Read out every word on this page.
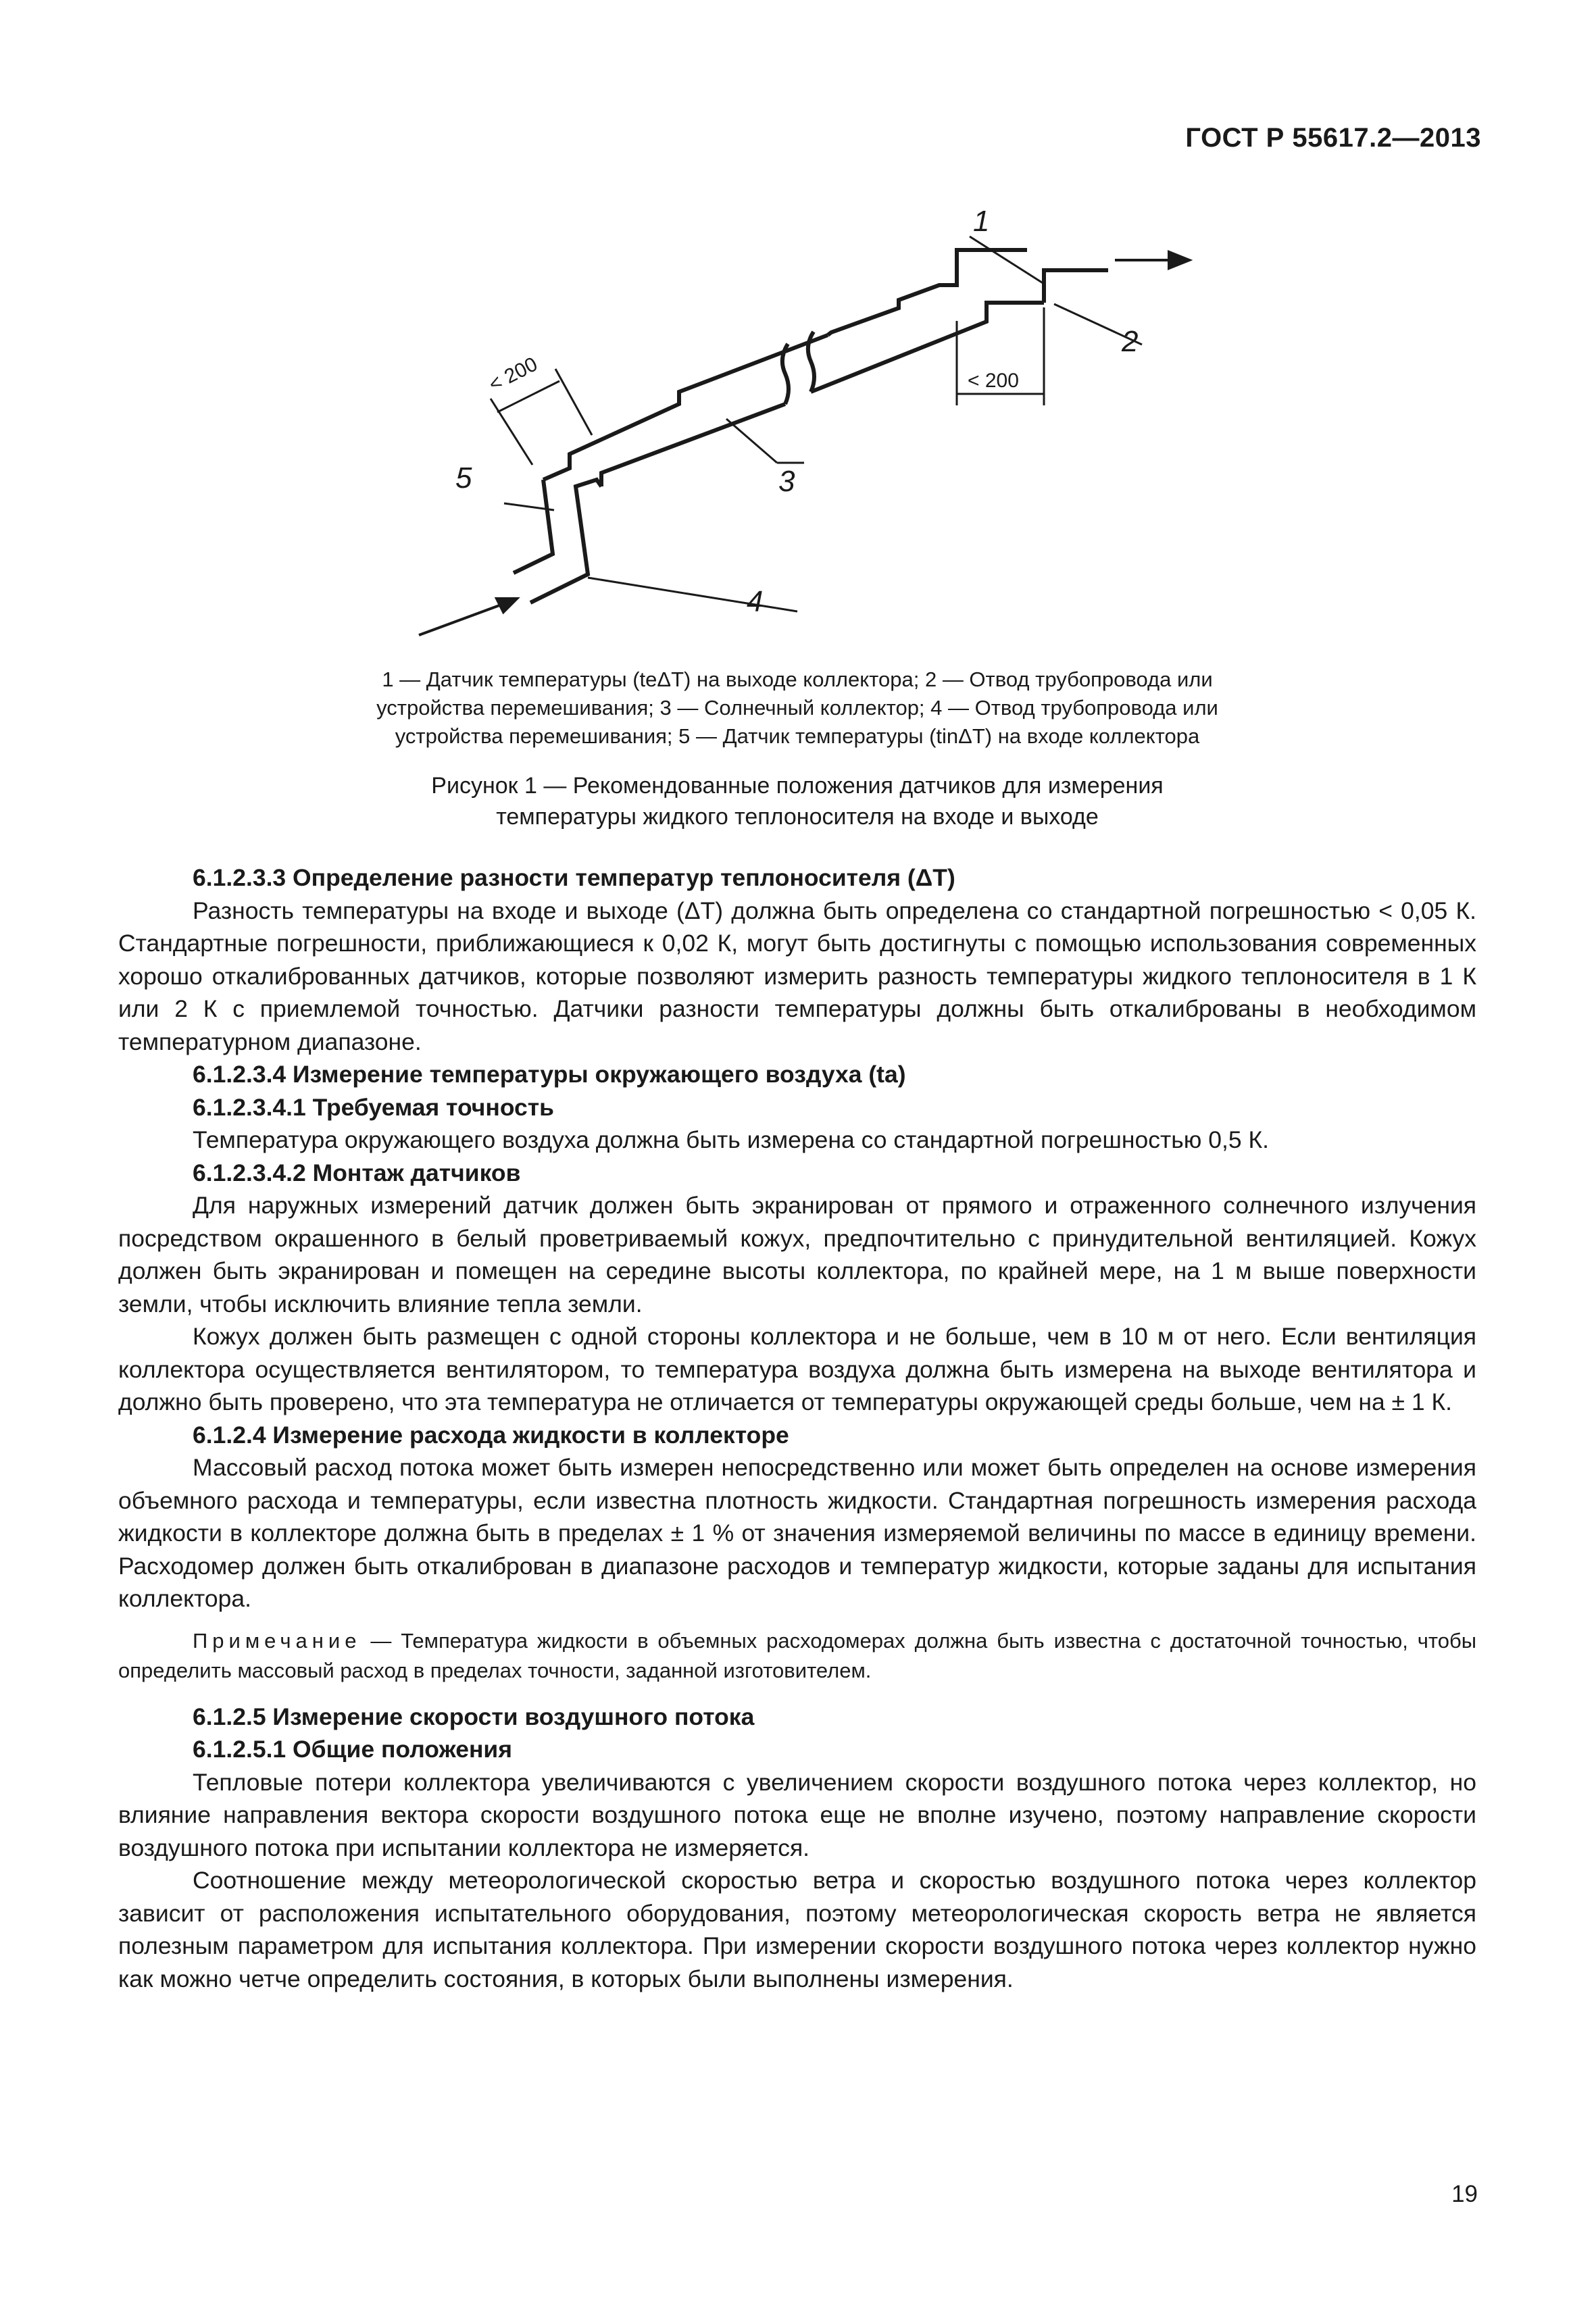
ГОСТ Р 55617.2—2013
1
2
3
4
5
< 200	< 200
1 — Датчик температуры (teΔT) на выходе коллектора; 2 — Отвод трубопровода или
устройства перемешивания; 3 — Солнечный коллектор; 4 — Отвод трубопровода или
устройства перемешивания; 5 — Датчик температуры (tinΔT) на входе коллектора
Рисунок 1 — Рекомендованные положения датчиков для измерения
температуры жидкого теплоносителя на входе и выходе
6.1.2.3.3 Определение разности температур теплоносителя (ΔT)

Разность температуры на входе и выходе (ΔT) должна быть определена со стандартной погрешностью < 0,05 К. Стандартные погрешности, приближающиеся к 0,02 К, могут быть достигнуты с помощью использования современных хорошо откалиброванных датчиков, которые позволяют измерить разность температуры жидкого теплоносителя в 1 К или 2 К с приемлемой точностью. Датчики разности температуры должны быть откалиброваны в необходимом температурном диапазоне.

6.1.2.3.4 Измерение температуры окружающего воздуха (ta)
6.1.2.3.4.1 Требуемая точность

Температура окружающего воздуха должна быть измерена со стандартной погрешностью 0,5 К.

6.1.2.3.4.2 Монтаж датчиков

Для наружных измерений датчик должен быть экранирован от прямого и отраженного солнечного излучения посредством окрашенного в белый проветриваемый кожух, предпочтительно с принудительной вентиляцией. Кожух должен быть экранирован и помещен на середине высоты коллектора, по крайней мере, на 1 м выше поверхности земли, чтобы исключить влияние тепла земли.

Кожух должен быть размещен с одной стороны коллектора и не больше, чем в 10 м от него. Если вентиляция коллектора осуществляется вентилятором, то температура воздуха должна быть измерена на выходе вентилятора и должно быть проверено, что эта температура не отличается от температуры окружающей среды больше, чем на ± 1 К.

6.1.2.4 Измерение расхода жидкости в коллекторе

Массовый расход потока может быть измерен непосредственно или может быть определен на основе измерения объемного расхода и температуры, если известна плотность жидкости. Стандартная погрешность измерения расхода жидкости в коллекторе должна быть в пределах ± 1 % от значения измеряемой величины по массе в единицу времени. Расходомер должен быть откалиброван в диапазоне расходов и температур жидкости, которые заданы для испытания коллектора.

Примечание — Температура жидкости в объемных расходомерах должна быть известна с достаточной точностью, чтобы определить массовый расход в пределах точности, заданной изготовителем.

6.1.2.5 Измерение скорости воздушного потока
6.1.2.5.1 Общие положения

Тепловые потери коллектора увеличиваются с увеличением скорости воздушного потока через коллектор, но влияние направления вектора скорости воздушного потока еще не вполне изучено, поэтому направление скорости воздушного потока при испытании коллектора не измеряется.

Соотношение между метеорологической скоростью ветра и скоростью воздушного потока через коллектор зависит от расположения испытательного оборудования, поэтому метеорологическая скорость ветра не является полезным параметром для испытания коллектора. При измерении скорости воздушного потока через коллектор нужно как можно четче определить состояния, в которых были выполнены измерения.

19
